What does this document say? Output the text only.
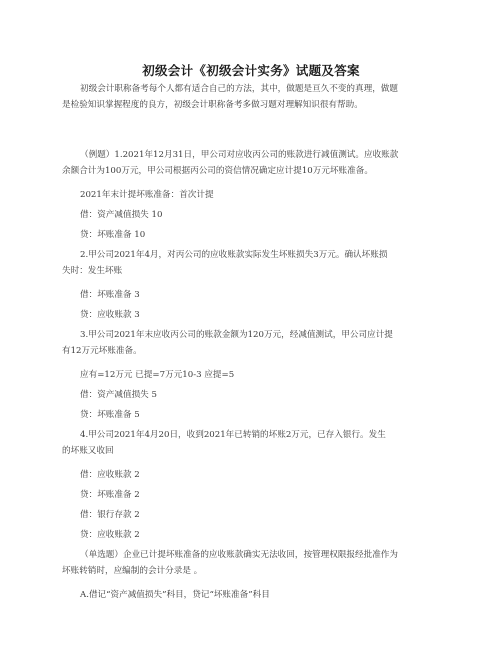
初级会计《初级会计实务》试题及答案
初级会计职称备考每个人都有适合自己的方法，其中，做题是亘久不变的真理，做题
是检验知识掌握程度的良方，初级会计职称备考多做习题对理解知识很有帮助。
（例题）1.2021年12月31日，甲公司对应收丙公司的账款进行减值测试。应收账款
余额合计为100万元，甲公司根据丙公司的资信情况确定应计提10万元坏账准备。
2021年末计提坏账准备：首次计提
借：资产减值损失 10
贷：坏账准备 10
2.甲公司2021年4月，对丙公司的应收账款实际发生坏账损失3万元。确认坏账损
失时：发生坏账
借：坏账准备 3
贷：应收账款 3
3.甲公司2021年末应收丙公司的账款金额为120万元，经减值测试，甲公司应计提
有12万元坏账准备。
应有=12万元 已提=7万元10-3 应提=5
借：资产减值损失 5
贷：坏账准备 5
4.甲公司2021年4月20日，收到2021年已转销的坏账2万元，已存入银行。发生
的坏账又收回
借：应收账款 2
贷：坏账准备 2
借：银行存款 2
贷：应收账款 2
（单选题）企业已计提坏账准备的应收账款确实无法收回，按管理权限报经批准作为
坏账转销时，应编制的会计分录是 。
A.借记“资产减值损失”科目，贷记“坏账准备”科目
